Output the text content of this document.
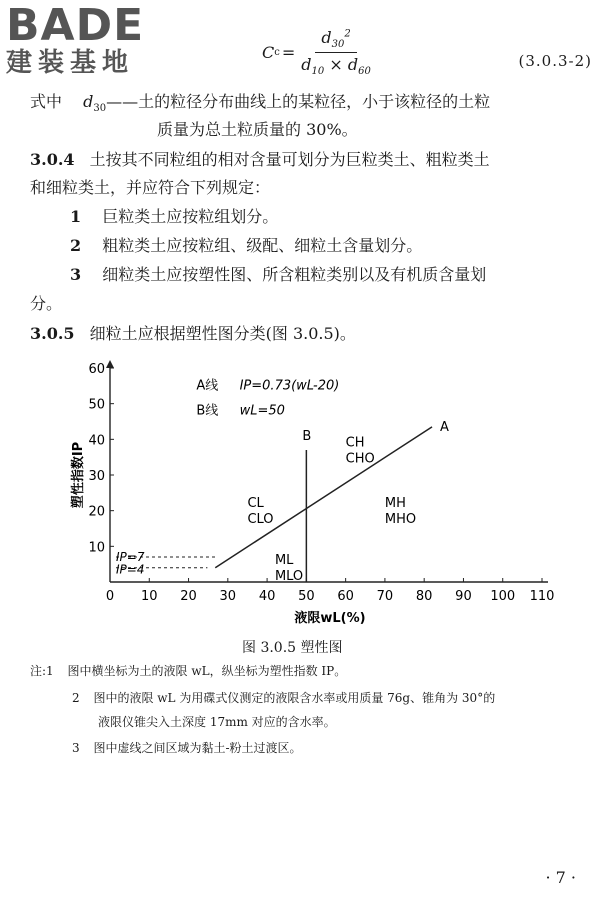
BADE
建装基地	C $c = \frac{d_{30}^2}{d_{10} \times d_{60}}$	(3.0.3-2)
式中 $d_{30}——$土的粒径分布曲线上的某粒径，小于该粒径的土粒
质量为总土粒质量的 30%。
3.0.4 土按其不同粒组的相对含量可划分为巨粒类土、粗粒类土
和细粒类土，并应符合下列规定：
1 巨粒类土应按粒组划分。
2 粗粒类土应按粒组、级配、细粒土含量划分。
3 细粒类土应按塑性图、所含粗粒类别以及有机质含量划
分。
3.0.5 细粒土应根据塑性图分类(图 3.0.5)。
0 10 20 30 40 50 60 70 80 90 100 110
10
20
30
40
50
60
液限wL(%)
塑性指数IP
IP=7
IP=4
A
B
A线 IP=0.73(wL-20)
B线 wL=50
CH
CHO
CL
CLO
MH
MHO
ML
MLO
图 3.0.5 塑性图
注:1 图中横坐标为土的液限 wL，纵坐标为塑性指数 IP。
2 图中的液限 wL 为用碟式仪测定的液限含水率或用质量 76g、锥角为 30°的
液限仪锥尖入土深度 17mm 对应的含水率。
3 图中虚线之间区域为黏土-粉土过渡区。
· 7 ·
